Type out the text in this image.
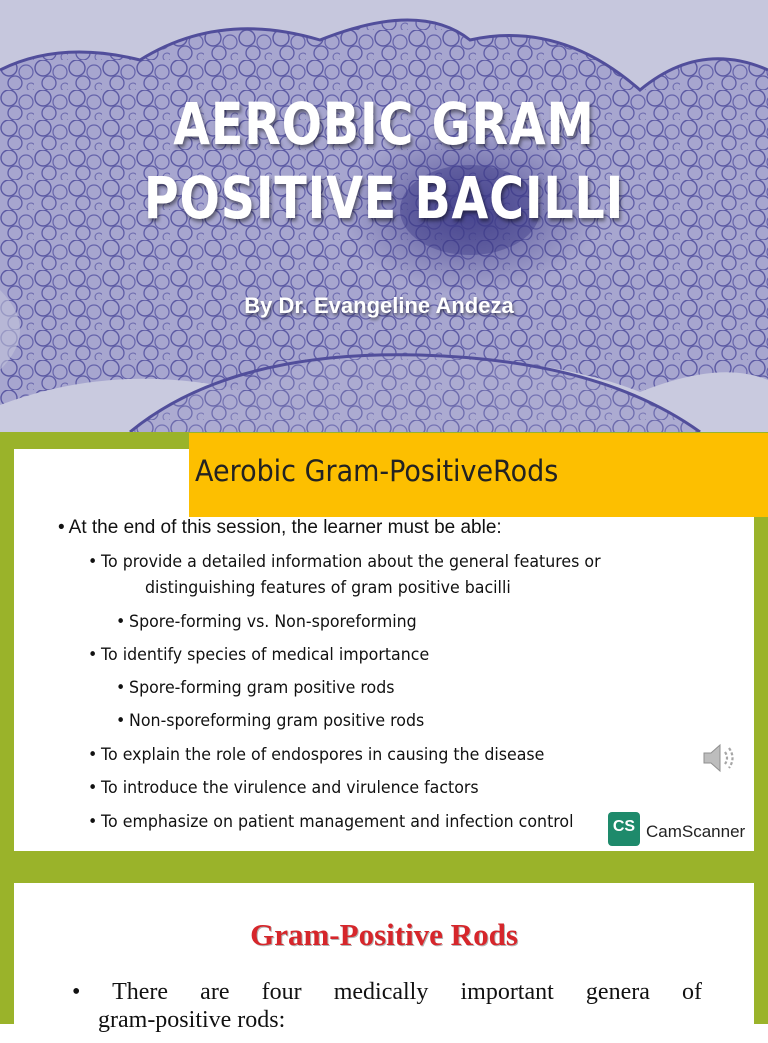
AEROBIC GRAM
POSITIVE BACILLI
By Dr. Evangeline Andeza
Aerobic Gram-PositiveRods
• At the end of this session, the learner must be able:
• To provide a detailed information about the general features or
distinguishing features of gram positive bacilli
• Spore-forming vs. Non-sporeforming
• To identify species of medical importance
• Spore-forming gram positive rods
• Non-sporeforming gram positive rods
• To explain the role of endospores in causing the disease
• To introduce the virulence and virulence factors
• To emphasize on patient management and infection control	CS CamScanner
Gram-Positive Rods
• There are four medically important genera of
gram-positive rods:
